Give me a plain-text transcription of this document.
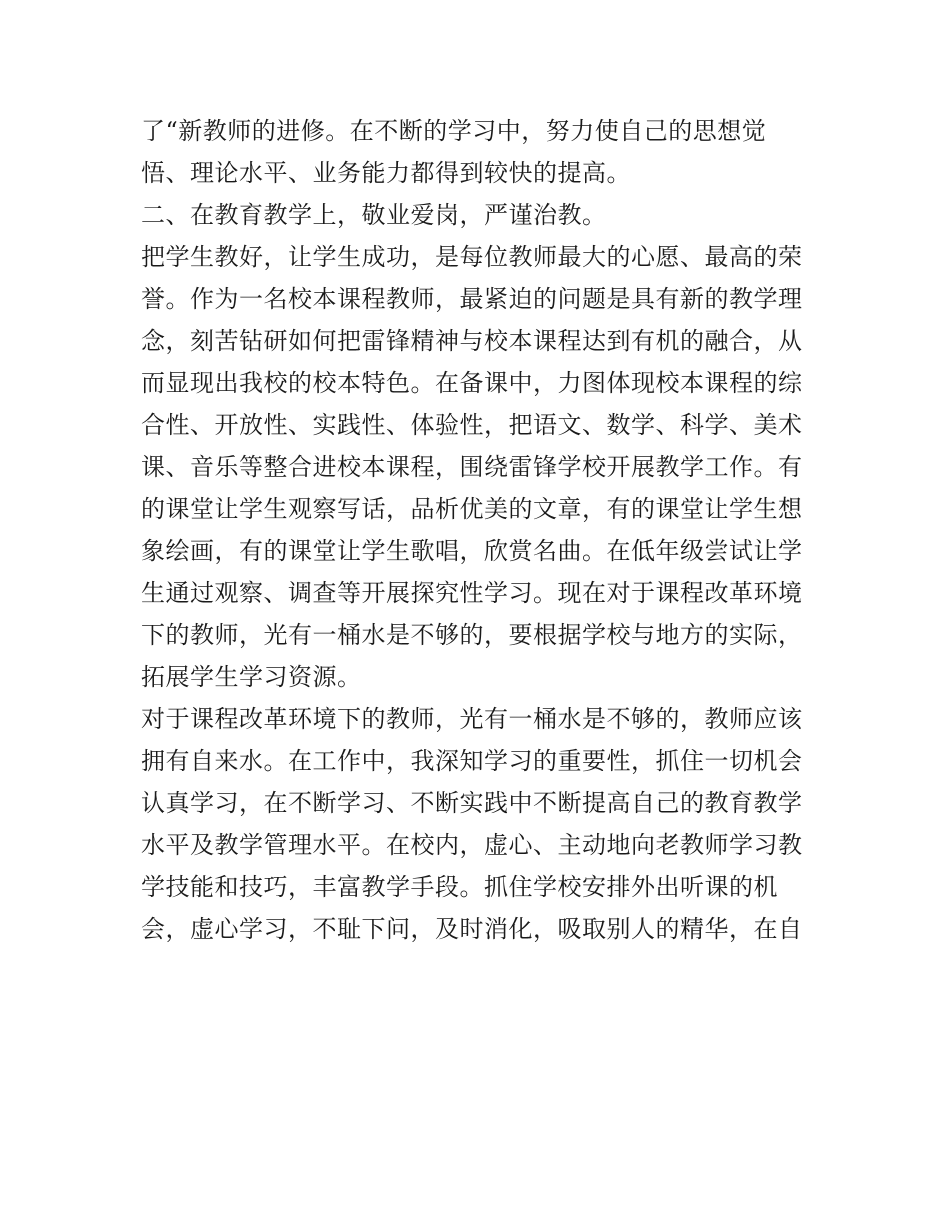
了“新教师的进修。在不断的学习中，努力使自己的思想觉
悟、理论水平、业务能力都得到较快的提高。
二、在教育教学上，敬业爱岗，严谨治教。
把学生教好，让学生成功，是每位教师最大的心愿、最高的荣
誉。作为一名校本课程教师，最紧迫的问题是具有新的教学理
念，刻苦钻研如何把雷锋精神与校本课程达到有机的融合，从
而显现出我校的校本特色。在备课中，力图体现校本课程的综
合性、开放性、实践性、体验性，把语文、数学、科学、美术
课、音乐等整合进校本课程，围绕雷锋学校开展教学工作。有
的课堂让学生观察写话，品析优美的文章，有的课堂让学生想
象绘画，有的课堂让学生歌唱，欣赏名曲。在低年级尝试让学
生通过观察、调查等开展探究性学习。现在对于课程改革环境
下的教师，光有一桶水是不够的，要根据学校与地方的实际，
拓展学生学习资源。
对于课程改革环境下的教师，光有一桶水是不够的，教师应该
拥有自来水。在工作中，我深知学习的重要性，抓住一切机会
认真学习，在不断学习、不断实践中不断提高自己的教育教学
水平及教学管理水平。在校内，虚心、主动地向老教师学习教
学技能和技巧，丰富教学手段。抓住学校安排外出听课的机
会，虚心学习，不耻下问，及时消化，吸取别人的精华，在自
